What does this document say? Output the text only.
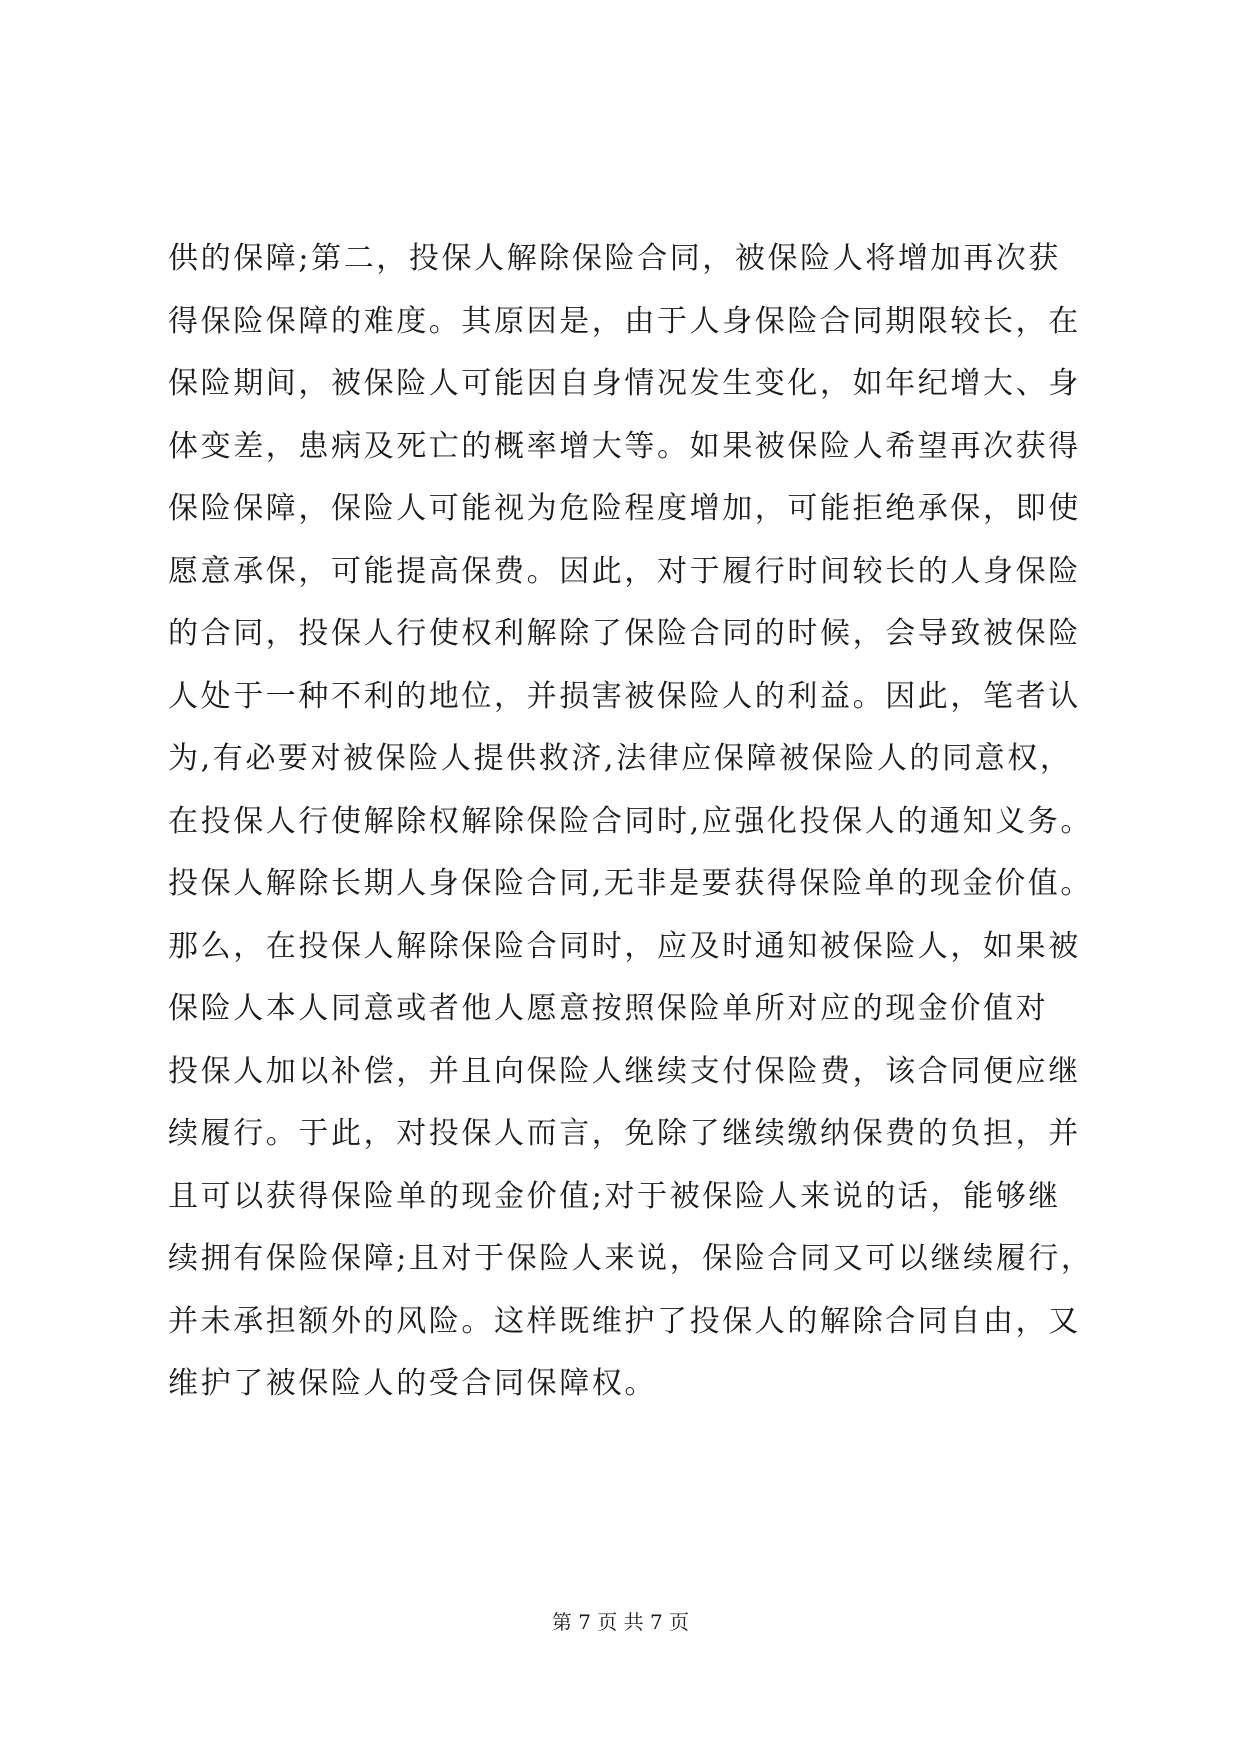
供的保障;第二，投保人解除保险合同，被保险人将增加再次获
得保险保障的难度。其原因是，由于人身保险合同期限较长，在
保险期间，被保险人可能因自身情况发生变化，如年纪增大、身
体变差，患病及死亡的概率增大等。如果被保险人希望再次获得
保险保障，保险人可能视为危险程度增加，可能拒绝承保，即使
愿意承保，可能提高保费。因此，对于履行时间较长的人身保险
的合同，投保人行使权利解除了保险合同的时候，会导致被保险
人处于一种不利的地位，并损害被保险人的利益。因此，笔者认
为,有必要对被保险人提供救济,法律应保障被保险人的同意权，
在投保人行使解除权解除保险合同时,应强化投保人的通知义务。
投保人解除长期人身保险合同,无非是要获得保险单的现金价值。
那么，在投保人解除保险合同时，应及时通知被保险人，如果被
保险人本人同意或者他人愿意按照保险单所对应的现金价值对
投保人加以补偿，并且向保险人继续支付保险费，该合同便应继
续履行。于此，对投保人而言，免除了继续缴纳保费的负担，并
且可以获得保险单的现金价值;对于被保险人来说的话，能够继
续拥有保险保障;且对于保险人来说，保险合同又可以继续履行，
并未承担额外的风险。这样既维护了投保人的解除合同自由，又
维护了被保险人的受合同保障权。
第 7 页 共 7 页
